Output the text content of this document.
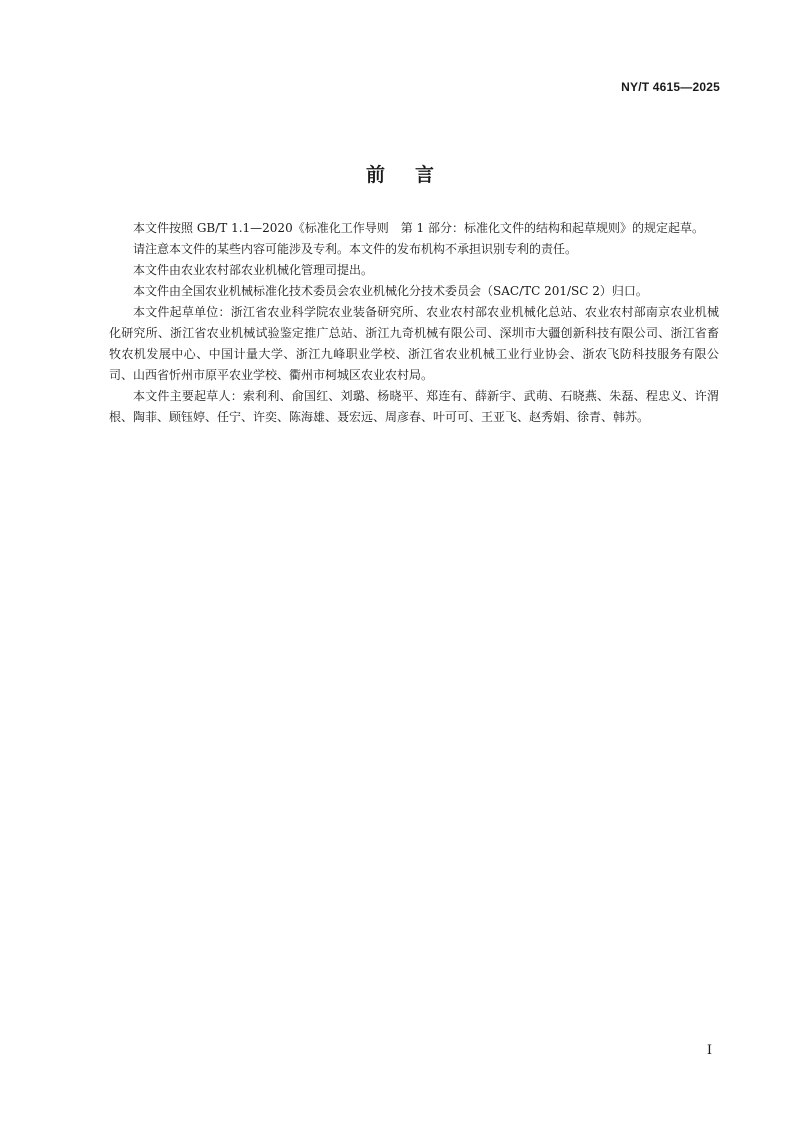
NY/T 4615—2025
前言

本文件按照 GB/T 1.1—2020《标准化工作导则　第 1 部分：标准化文件的结构和起草规则》的规定起草。

请注意本文件的某些内容可能涉及专利。本文件的发布机构不承担识别专利的责任。

本文件由农业农村部农业机械化管理司提出。

本文件由全国农业机械标准化技术委员会农业机械化分技术委员会（SAC/TC 201/SC 2）归口。

本文件起草单位：浙江省农业科学院农业装备研究所、农业农村部农业机械化总站、农业农村部南京农业机械化研究所、浙江省农业机械试验鉴定推广总站、浙江九奇机械有限公司、深圳市大疆创新科技有限公司、浙江省畜牧农机发展中心、中国计量大学、浙江九峰职业学校、浙江省农业机械工业行业协会、浙农飞防科技服务有限公司、山西省忻州市原平农业学校、衢州市柯城区农业农村局。

本文件主要起草人：索利利、俞国红、刘璐、杨晓平、郑连有、薛新宇、武萌、石晓燕、朱磊、程忠义、许渭根、陶菲、顾钰婷、任宁、许奕、陈海雄、聂宏远、周彦春、叶可可、王亚飞、赵秀娟、徐青、韩苏。

I
